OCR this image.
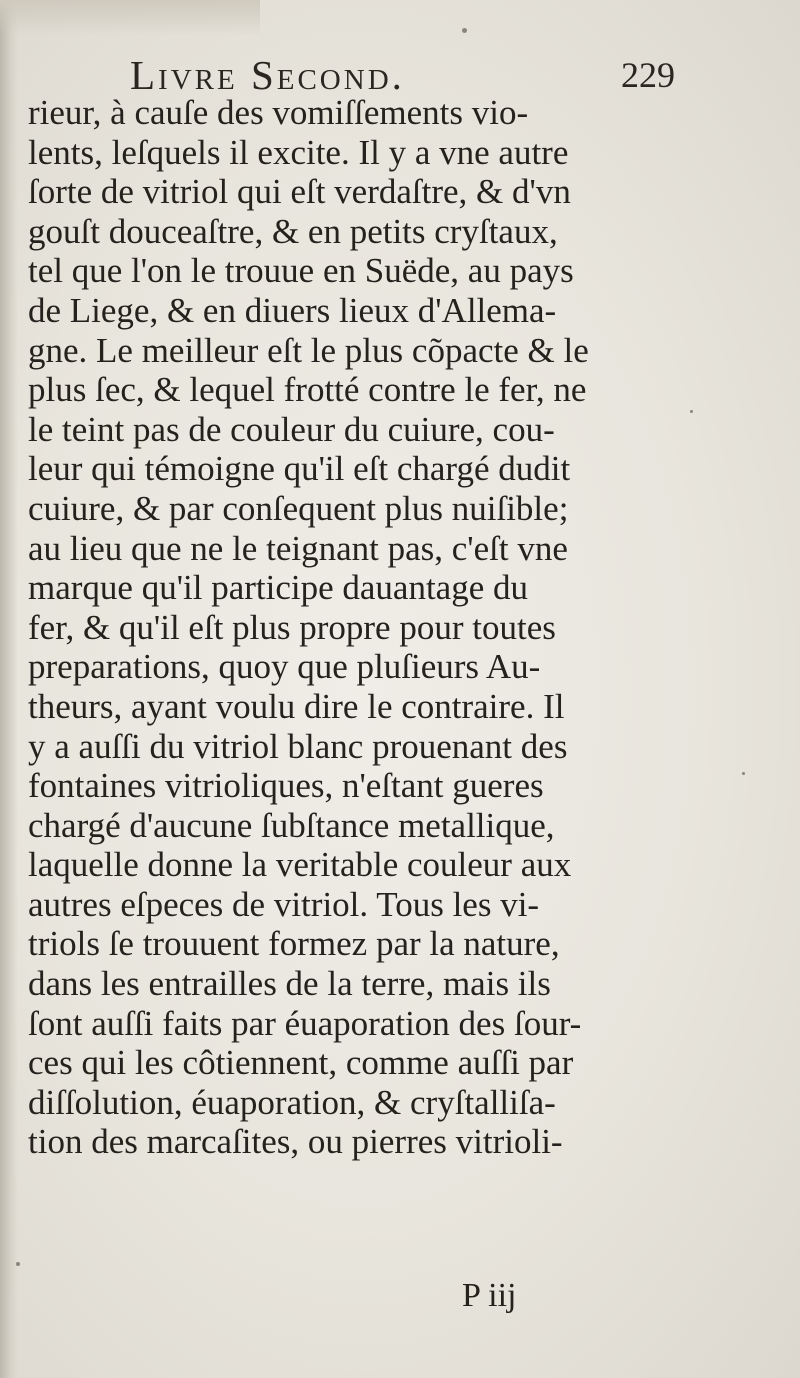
Livre Second.	229
rieur, à cauſe des vomiſſements vio-
lents, leſquels il excite. Il y a vne autre
ſorte de vitriol qui eſt verdaſtre, & d'vn
gouſt douceaſtre, & en petits cryſtaux,
tel que l'on le trouue en Suëde, au pays
de Liege, & en diuers lieux d'Allema-
gne. Le meilleur eſt le plus cõpacte & le
plus ſec, & lequel frotté contre le fer, ne
le teint pas de couleur du cuiure, cou-
leur qui témoigne qu'il eſt chargé dudit
cuiure, & par conſequent plus nuiſible;
au lieu que ne le teignant pas, c'eſt vne
marque qu'il participe dauantage du
fer, & qu'il eſt plus propre pour toutes
preparations, quoy que pluſieurs Au-
theurs, ayant voulu dire le contraire. Il
y a auſſi du vitriol blanc prouenant des
fontaines vitrioliques, n'eſtant gueres
chargé d'aucune ſubſtance metallique,
laquelle donne la veritable couleur aux
autres eſpeces de vitriol. Tous les vi-
triols ſe trouuent formez par la nature,
dans les entrailles de la terre, mais ils
ſont auſſi faits par éuaporation des ſour-
ces qui les côtiennent, comme auſſi par
diſſolution, éuaporation, & cryſtalliſa-
tion des marcaſites, ou pierres vitrioli-
P iij
